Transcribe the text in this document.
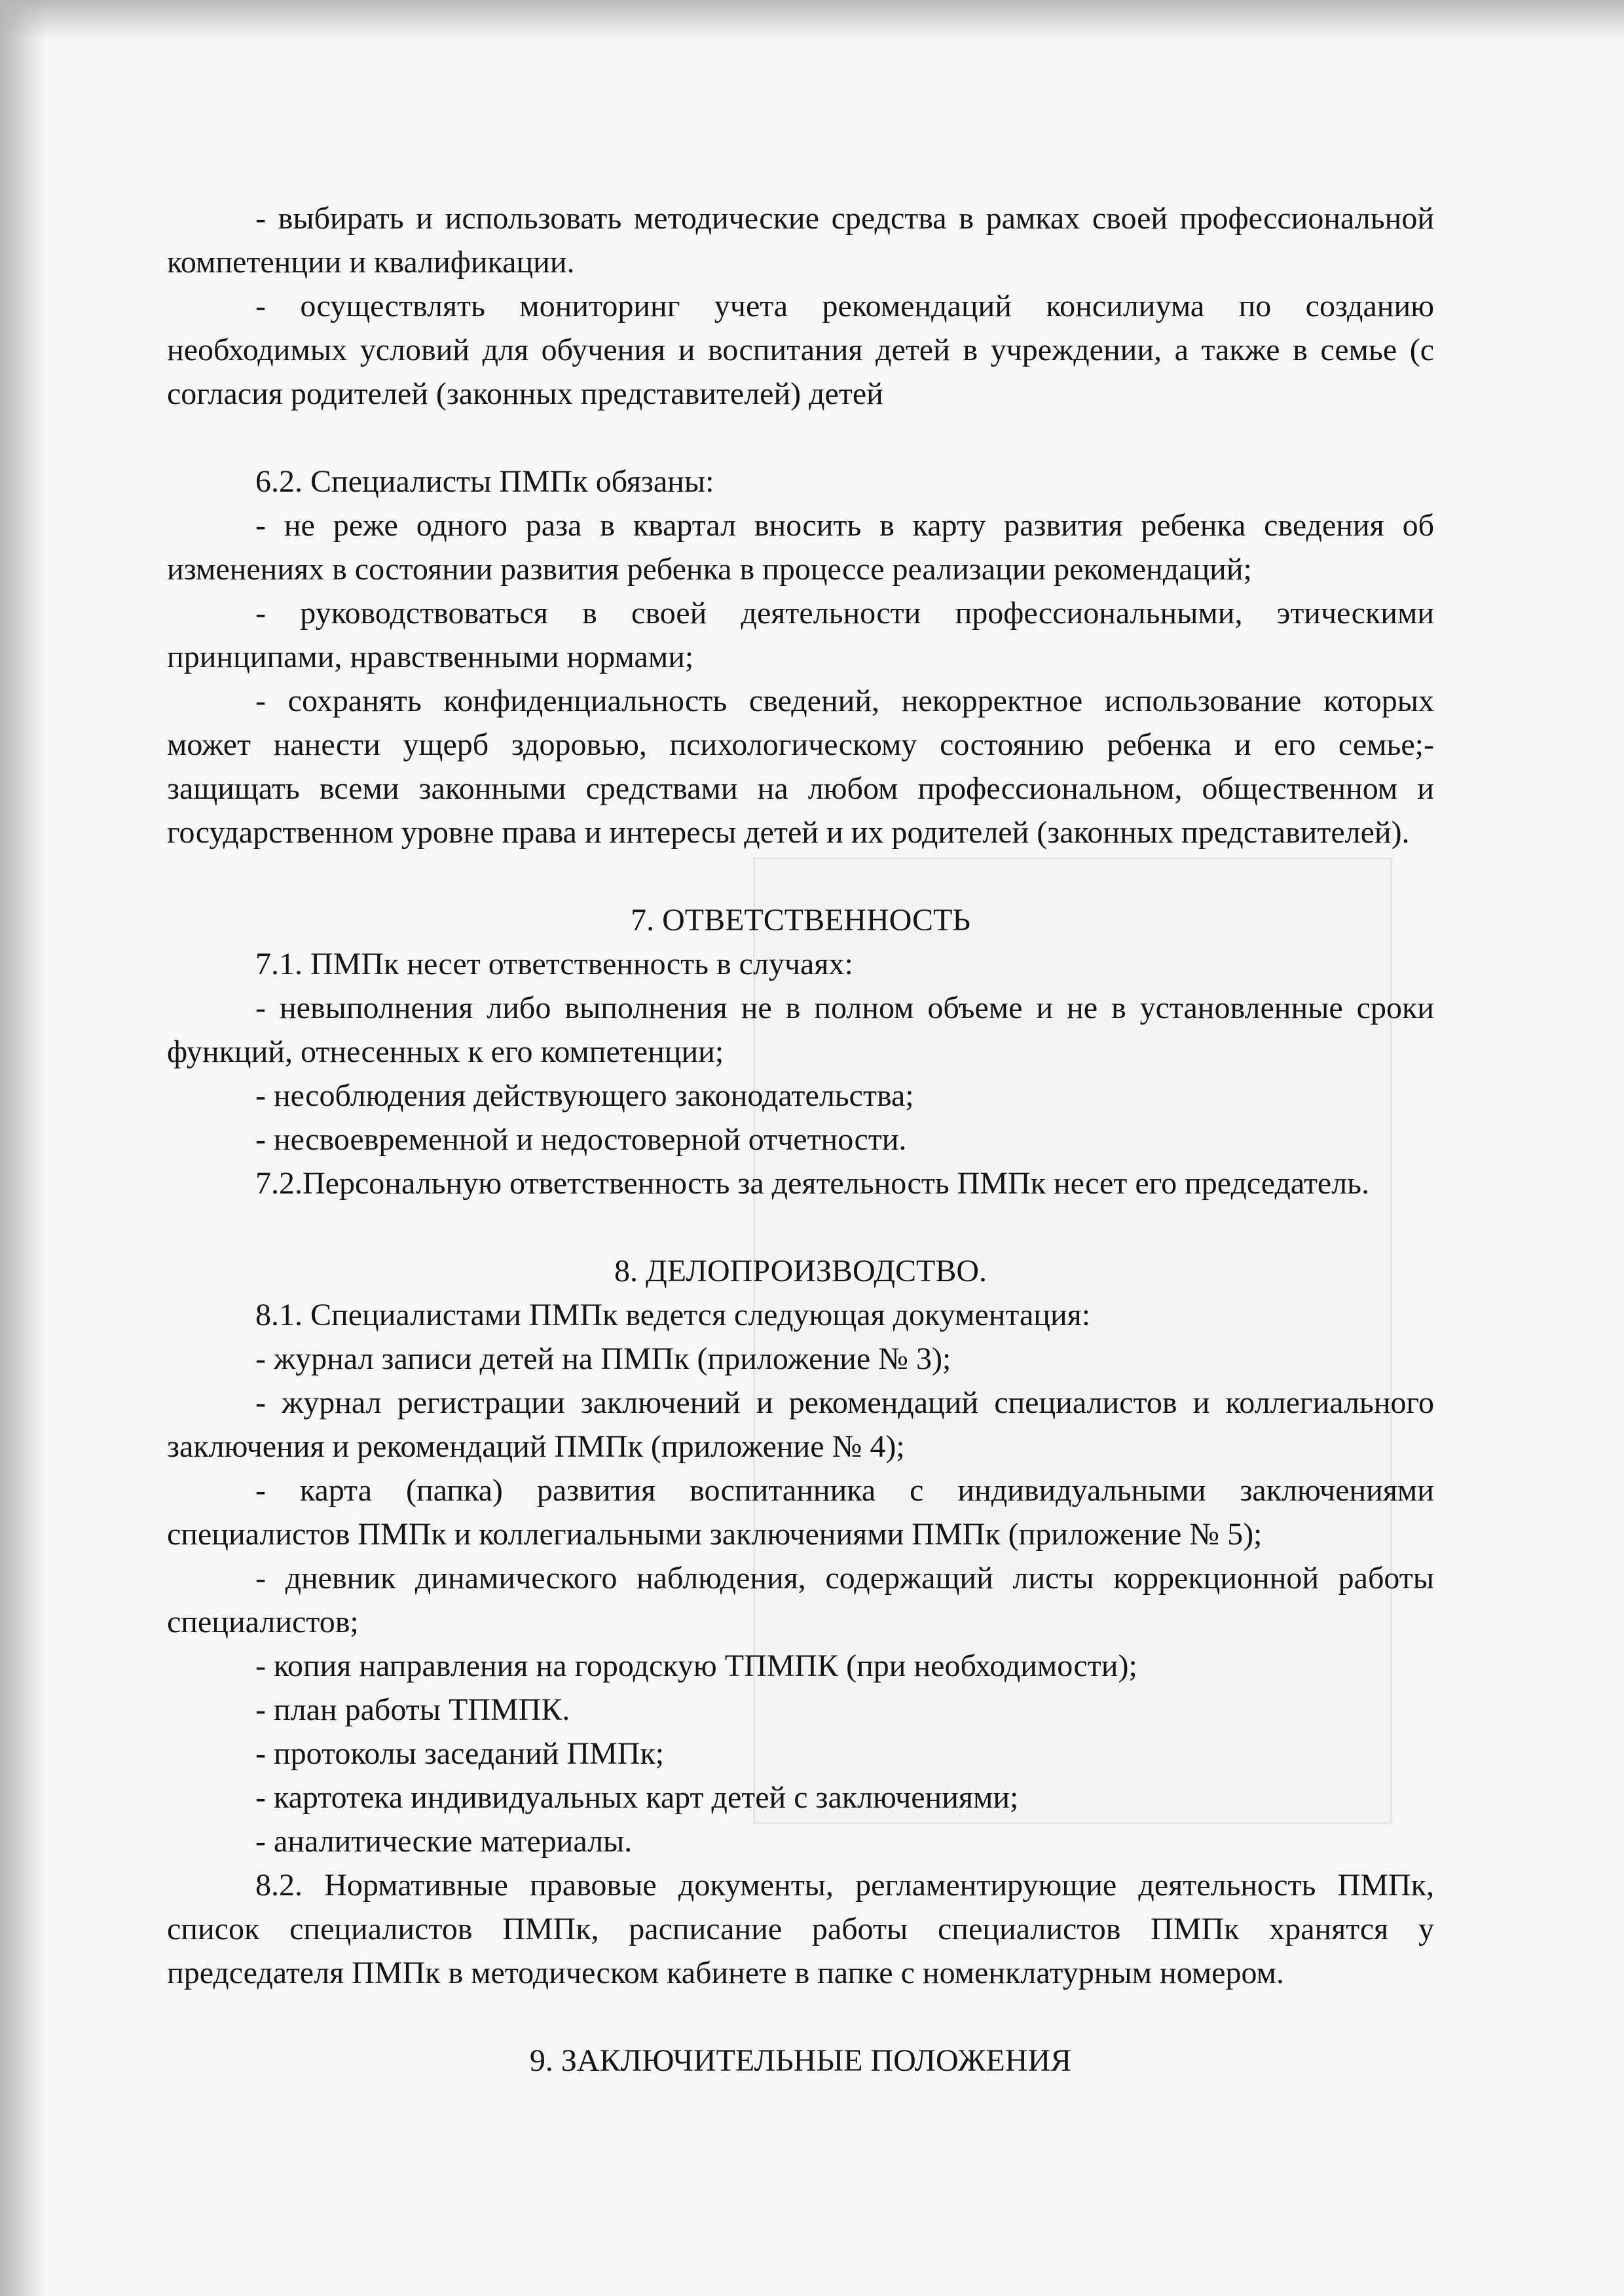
- выбирать и использовать методические средства в рамках своей профессиональной компетенции и квалификации.

- осуществлять мониторинг учета рекомендаций консилиума по созданию необходимых условий для обучения и воспитания детей в учреждении, а также в семье (с согласия родителей (законных представителей) детей

6.2. Специалисты ПМПк обязаны:

- не реже одного раза в квартал вносить в карту развития ребенка сведения об изменениях в состоянии развития ребенка в процессе реализации рекомендаций;

- руководствоваться в своей деятельности профессиональными, этическими принципами, нравственными нормами;

- сохранять конфиденциальность сведений, некорректное использование которых может нанести ущерб здоровью, психологическому состоянию ребенка и его семье;- защищать всеми законными средствами на любом профессиональном, общественном и государственном уровне права и интересы детей и их родителей (законных представителей).

7. ОТВЕТСТВЕННОСТЬ

7.1. ПМПк несет ответственность в случаях:

- невыполнения либо выполнения не в полном объеме и не в установленные сроки функций, отнесенных к его компетенции;

- несоблюдения действующего законодательства;

- несвоевременной и недостоверной отчетности.

7.2.Персональную ответственность за деятельность ПМПк несет его председатель.

8. ДЕЛОПРОИЗВОДСТВО.

8.1. Специалистами ПМПк ведется следующая документация:

- журнал записи детей на ПМПк (приложение № 3);

- журнал регистрации заключений и рекомендаций специалистов и коллегиального заключения и рекомендаций ПМПк (приложение № 4);

- карта (папка) развития воспитанника с индивидуальными заключениями специалистов ПМПк и коллегиальными заключениями ПМПк (приложение № 5);

- дневник динамического наблюдения, содержащий листы коррекционной работы специалистов;

- копия направления на городскую ТПМПК (при необходимости);

- план работы ТПМПК.

- протоколы заседаний ПМПк;

- картотека индивидуальных карт детей с заключениями;

- аналитические материалы.

8.2. Нормативные правовые документы, регламентирующие деятельность ПМПк, список специалистов ПМПк, расписание работы специалистов ПМПк хранятся у председателя ПМПк в методическом кабинете в папке с номенклатурным номером.

9. ЗАКЛЮЧИТЕЛЬНЫЕ ПОЛОЖЕНИЯ
